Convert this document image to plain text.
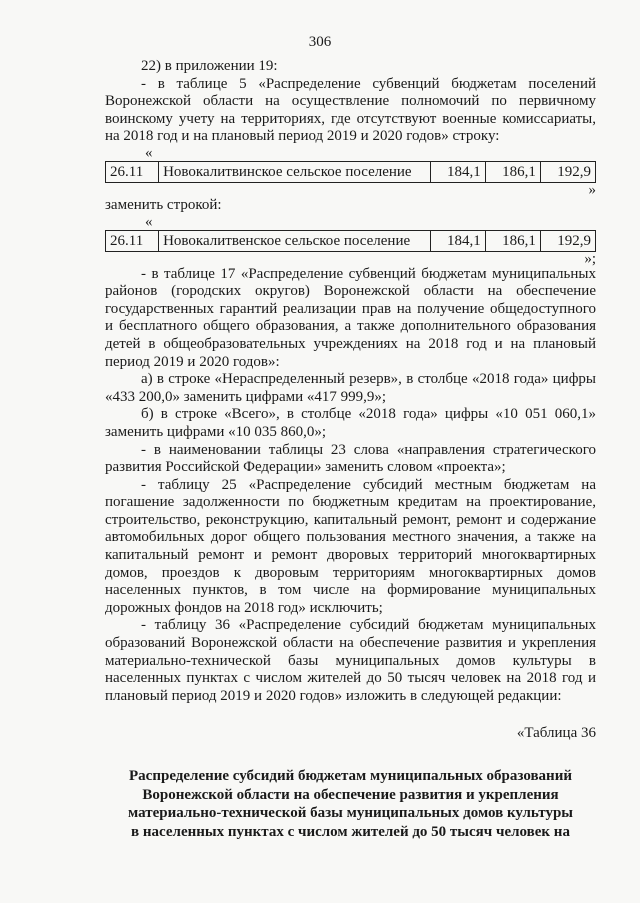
306

22) в приложении 19:

- в таблице 5 «Распределение субвенций бюджетам поселений Воронежской области на осуществление полномочий по первичному воинскому учету на территориях, где отсутствуют военные комиссариаты, на 2018 год и на плановый период 2019 и 2020 годов» строку:

«
26.11	Новокалитвинское сельское поселение	184,1	186,1	192,9
»

заменить строкой:

«
26.11	Новокалитвенское сельское поселение	184,1	186,1	192,9
»;

- в таблице 17 «Распределение субвенций бюджетам муниципальных районов (городских округов) Воронежской области на обеспечение государственных гарантий реализации прав на получение общедоступного и бесплатного общего образования, а также дополнительного образования детей в общеобразовательных учреждениях на 2018 год и на плановый период 2019 и 2020 годов»:

а) в строке «Нераспределенный резерв», в столбце «2018 года» цифры «433 200,0» заменить цифрами «417 999,9»;

б) в строке «Всего», в столбце «2018 года» цифры «10 051 060,1» заменить цифрами «10 035 860,0»;

- в наименовании таблицы 23 слова «направления стратегического развития Российской Федерации» заменить словом «проекта»;

- таблицу 25 «Распределение субсидий местным бюджетам на погашение задолженности по бюджетным кредитам на проектирование, строительство, реконструкцию, капитальный ремонт, ремонт и содержание автомобильных дорог общего пользования местного значения, а также на капитальный ремонт и ремонт дворовых территорий многоквартирных домов, проездов к дворовым территориям многоквартирных домов населенных пунктов, в том числе на формирование муниципальных дорожных фондов на 2018 год» исключить;

- таблицу 36 «Распределение субсидий бюджетам муниципальных образований Воронежской области на обеспечение развития и укрепления материально-технической базы муниципальных домов культуры в населенных пунктах с числом жителей до 50 тысяч человек на 2018 год и плановый период 2019 и 2020 годов» изложить в следующей редакции:

«Таблица 36
Распределение субсидий бюджетам муниципальных образований
Воронежской области на обеспечение развития и укрепления
материально-технической базы муниципальных домов культуры
в населенных пунктах с числом жителей до 50 тысяч человек на
